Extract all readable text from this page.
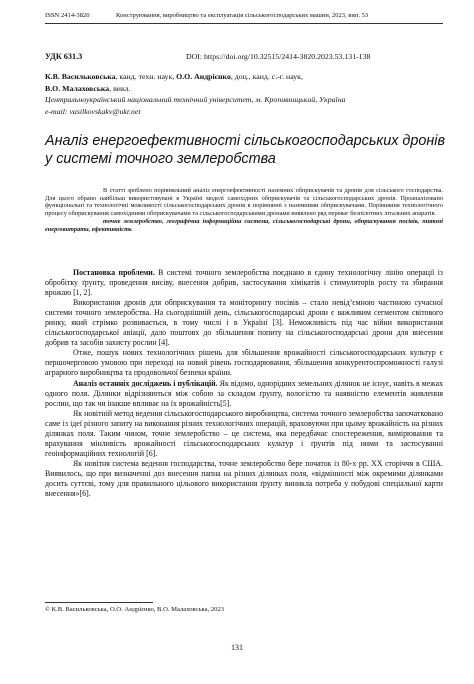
ISSN 2414-3820	Конструювання, виробництво та експлуатація сільськогосподарських машин, 2023, вип. 53
УДК 631.3	DOI: https://doi.org/10.32515/2414-3820.2023.53.131-138
К.В. Васильковська, канд. техн. наук, О.О. Андрієнко, доц., канд. с.-г. наук,
В.О. Малаховська, викл.
Центральноукраїнський національний технічний університет, м. Кропивницький, Україна
e-mail: vasilkovskakv@ukr.net
Аналіз енергоефективності сільськогосподарських дронів у системі точного землеробства

В статті зроблено порівняльний аналіз енергоефективності наземних обприскувачів та дронів для сільського господарства. Для цього обрано найбільш використовувані в Україні моделі самохідних обприскувачів та сільськогосподарських дронів. Проаналізовано функціональні та технологічні можливості сільськогосподарських дронів в порівнянні з наземними обприскувачами. Порівняння технологічного процесу обприскування самохідними обприскувачами та сільськогосподарськими дронами виявлено ряд переваг безпілотних літальних апаратів.

точне землеробство, географічна інформаційна система, сільськогосподарські дрони, обприскування посівів, питомі енерговитрати, ефективність

Постановка проблеми. В системі точного землеробства поєднано в єдину технологічну лінію операції із обробітку ґрунту, проведення висіву, внесення добрив, застосування хімікатів і стимуляторів росту та збирання врожаю [1, 2].

Використання дронів для обприскування та моніторингу посівів – стало невід’ємною частиною сучасної системи точного землеробства. На сьогоднішній день, сільськогосподарські дрони є важливим сегментом світового ринку, який стрімко розвивається, в тому числі і в Україні [3]. Неможливість під час війни використання сільськогосподарської авіації, дало поштовх до збільшення попиту на сільськогосподарські дрони для внесення добрив та засобів захисту рослин [4].

Отже, пошук нових технологічних рішень для збільшення врожайності сільськогосподарських культур є першочерговою умовою при переході на новий рівень господарювання, збільшення конкурентоспроможності галузі аграрного виробництва та продовольчої безпеки країни.

Аналіз останніх досліджень і публікацій. Як відомо, однорідних земельних ділянок не існує, навіть в межах одного поля. Ділянки відрізняються між собою за складом ґрунту, вологістю та наявністю елементів живлення рослин, що так чи інакше впливає на їх врожайність[5].

Як новітній метод ведення сільськогосподарського виробництва, система точного землеробства започатковано саме із ідеї різного запиту на виконання різних технологічних операцій, враховуючи при цьому врожайність на різних ділянках поля. Таким чином, точне землеробство – це система, яка передбачає спостереження, вимірювання та врахування мінливість врожайності сільськогосподарських культур і ґрунтів під ними та застосуванні геоінформаційних технологій [6].

Як новітня система ведення господарства, точне землеробство бере початок із 80-х рр. ХХ сторіччя в США. Виявилось, що при визначенні доз внесення папна на різних ділянках поля, «відмінності між окремими ділянками досить суттєві, тому для правильного цільового використання ґрунту виникла потреба у побудові спеціальної карти внесення»[6].

© К.В. Васильковська, О.О. Андрієнко, В.О. Малаховська, 2023
131
